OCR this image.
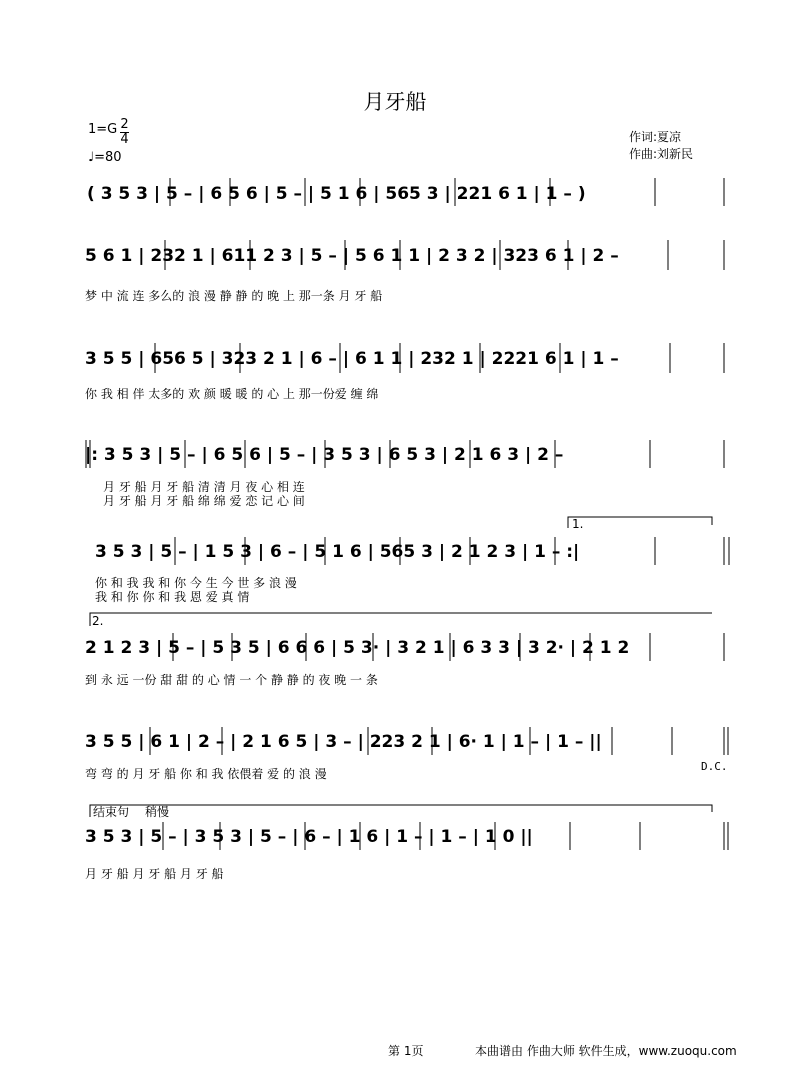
月牙船
1=G 2
4
♩=80
作词:夏凉
作曲:刘新民
( 3 5 3 | 5 – | 6 5 6 | 5 – | 5 1 6 | 565 3 | 221 6 1 | 1 – )
5 6 1 | 232 1 | 611 2 3 | 5 – | 5 6 1 1 | 2 3 2 | 323 6 1 | 2 –
梦 中 流 连 多么的 浪 漫 静 静 的 晚 上 那一条 月 牙 船
3 5 5 | 656 5 | 323 2 1 | 6 – | 6 1 1 | 232 1 | 2221 6 1 | 1 –
你 我 相 伴 太多的 欢 颜 暖 暖 的 心 上 那一份爱 缠 绵
|: 3 5 3 | 5 – | 6 5 6 | 5 – | 3 5 3 | 6 5 3 | 2 1 6 3 | 2 –
月 牙 船 月 牙 船 清 清 月 夜 心 相 连
月 牙 船 月 牙 船 绵 绵 爱 恋 记 心 间
1.
3 5 3 | 5 – | 1 5 3 | 6 – | 5 1 6 | 565 3 | 2 1 2 3 | 1 – :|
你 和 我 我 和 你 今 生 今 世 多 浪 漫
我 和 你 你 和 我 恩 爱 真 情
2.
2 1 2 3 | 5 – | 5 3 5 | 6 6 6 | 5 3· | 3 2 1 | 6 3 3 | 3 2· | 2 1 2
到 永 远 一份 甜 甜 的 心 情 一 个 静 静 的 夜 晚 一 条
3 5 5 | 6 1 | 2 – | 2 1 6 5 | 3 – | 223 2 1 | 6· 1 | 1 – | 1 – ||
弯 弯 的 月 牙 船 你 和 我 依偎着 爱 的 浪 漫
结束句 稍慢
3 5 3 | 5 – | 3 5 3 | 5 – | 6 – | 1 6 | 1 – | 1 – | 1 0 ||
月 牙 船 月 牙 船 月 牙 船
D.C.
第 1页	本曲谱由 作曲大师 软件生成，www.zuoqu.com
